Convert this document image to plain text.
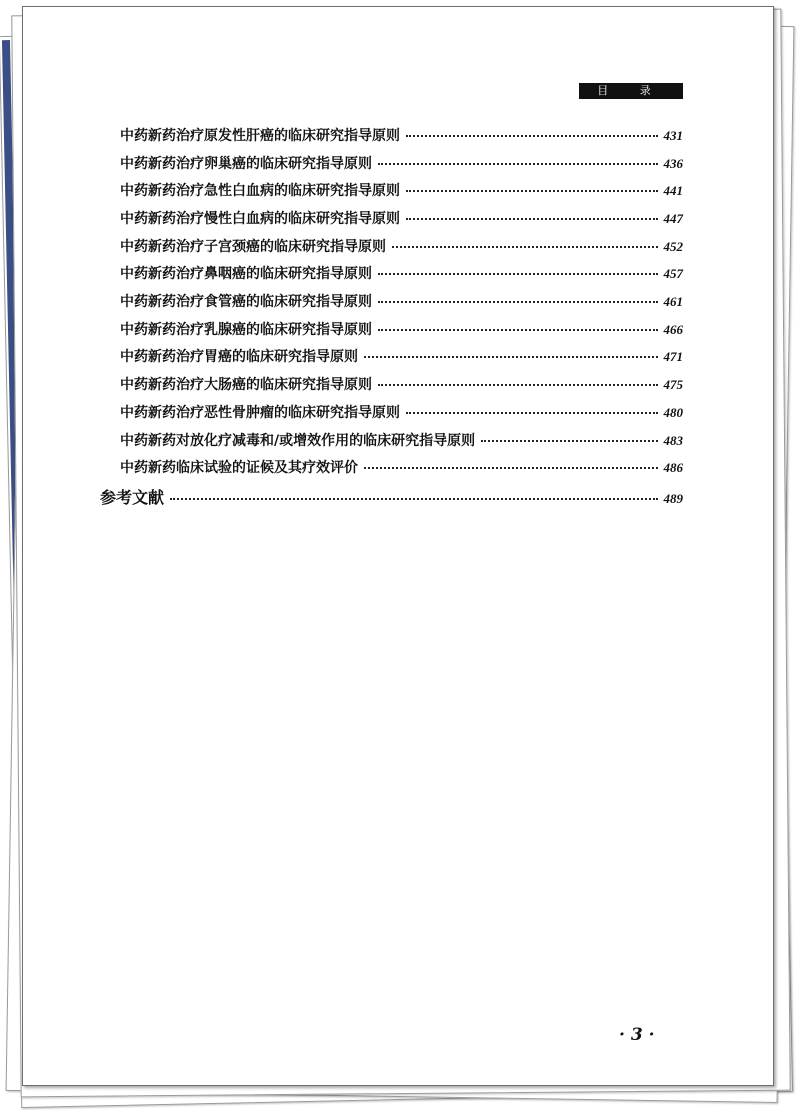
目 录
中药新药治疗原发性肝癌的临床研究指导原则	431
中药新药治疗卵巢癌的临床研究指导原则	436
中药新药治疗急性白血病的临床研究指导原则	441
中药新药治疗慢性白血病的临床研究指导原则	447
中药新药治疗子宫颈癌的临床研究指导原则	452
中药新药治疗鼻咽癌的临床研究指导原则	457
中药新药治疗食管癌的临床研究指导原则	461
中药新药治疗乳腺癌的临床研究指导原则	466
中药新药治疗胃癌的临床研究指导原则	471
中药新药治疗大肠癌的临床研究指导原则	475
中药新药治疗恶性骨肿瘤的临床研究指导原则	480
中药新药对放化疗减毒和/或增效作用的临床研究指导原则	483
中药新药临床试验的证候及其疗效评价	486
参考文献	489
· 3 ·
